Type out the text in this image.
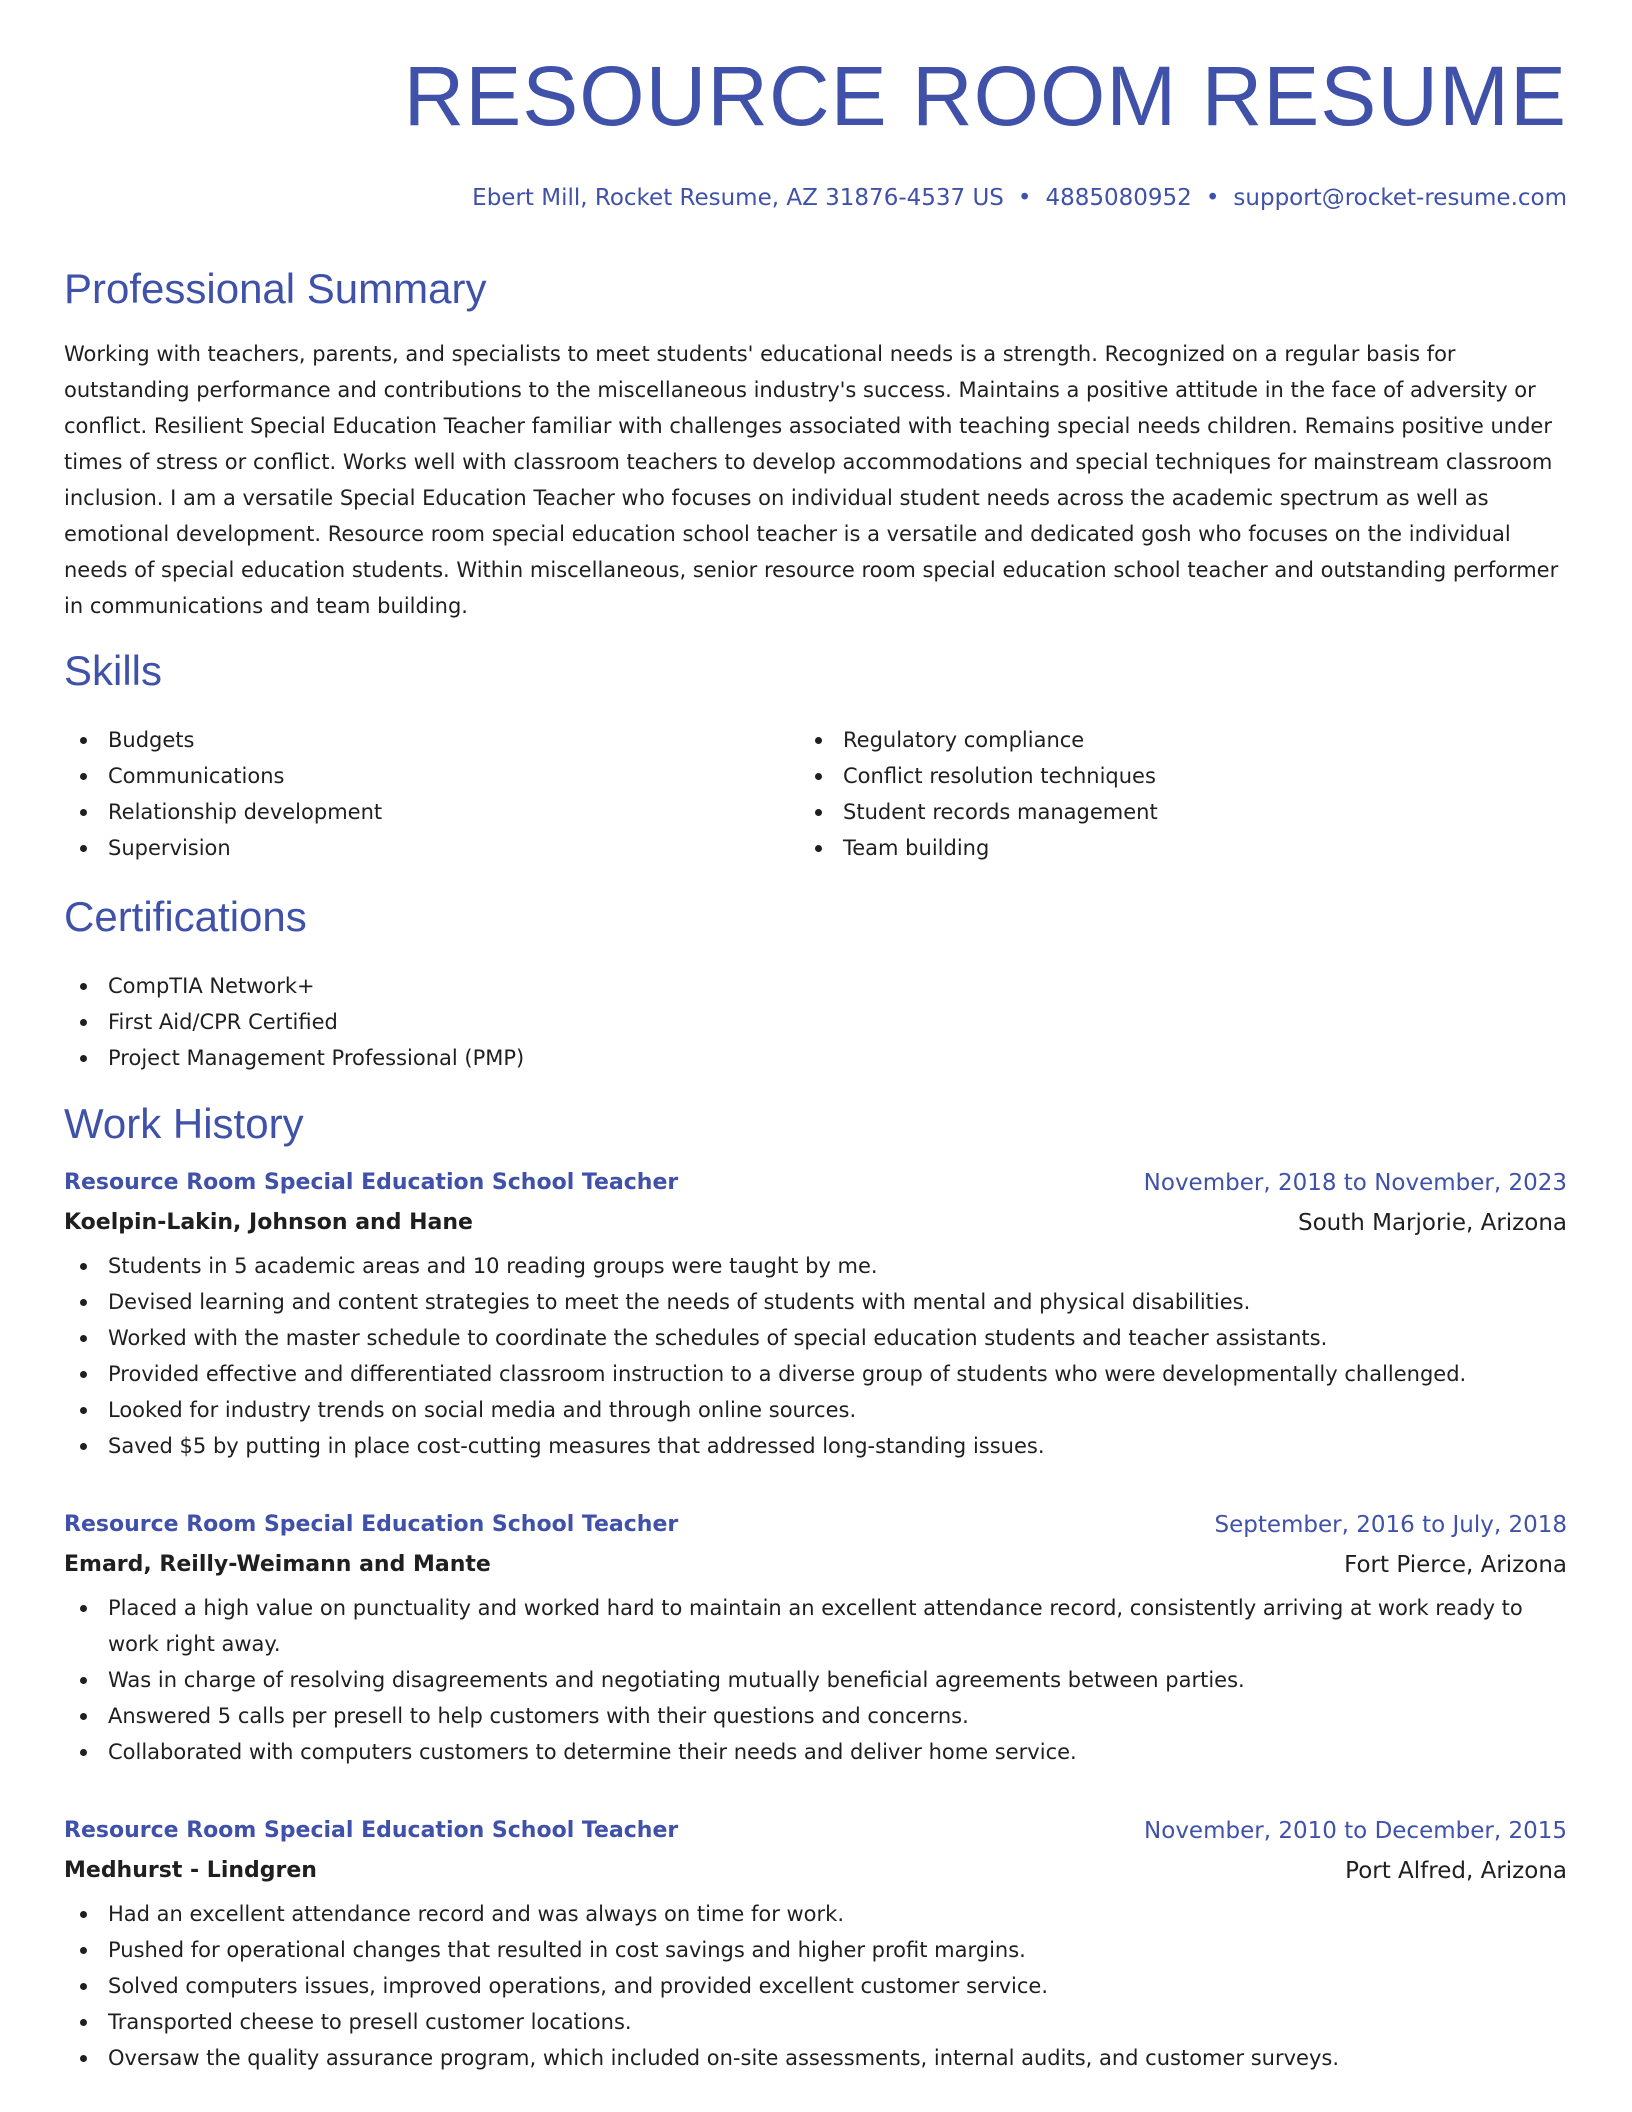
RESOURCE ROOM RESUME
Ebert Mill, Rocket Resume, AZ 31876-4537 US • 4885080952 • support@rocket-resume.com
Professional Summary

Working with teachers, parents, and specialists to meet students' educational needs is a strength. Recognized on a regular basis for outstanding performance and contributions to the miscellaneous industry's success. Maintains a positive attitude in the face of adversity or conflict. Resilient Special Education Teacher familiar with challenges associated with teaching special needs children. Remains positive under times of stress or conflict. Works well with classroom teachers to develop accommodations and special techniques for mainstream classroom inclusion. I am a versatile Special Education Teacher who focuses on individual student needs across the academic spectrum as well as emotional development. Resource room special education school teacher is a versatile and dedicated gosh who focuses on the individual needs of special education students. Within miscellaneous, senior resource room special education school teacher and outstanding performer in communications and team building.

Skills
Budgets
Communications
Relationship development
Supervision
Regulatory compliance
Conflict resolution techniques
Student records management
Team building
Certifications
CompTIA Network+
First Aid/CPR Certified
Project Management Professional (PMP)
Work History
Resource Room Special Education School Teacher	November, 2018 to November, 2023
Koelpin-Lakin, Johnson and Hane	South Marjorie, Arizona
Students in 5 academic areas and 10 reading groups were taught by me.
Devised learning and content strategies to meet the needs of students with mental and physical disabilities.
Worked with the master schedule to coordinate the schedules of special education students and teacher assistants.
Provided effective and differentiated classroom instruction to a diverse group of students who were developmentally challenged.
Looked for industry trends on social media and through online sources.
Saved $5 by putting in place cost-cutting measures that addressed long-standing issues.
Resource Room Special Education School Teacher	September, 2016 to July, 2018
Emard, Reilly-Weimann and Mante	Fort Pierce, Arizona
Placed a high value on punctuality and worked hard to maintain an excellent attendance record, consistently arriving at work ready to work right away.
Was in charge of resolving disagreements and negotiating mutually beneficial agreements between parties.
Answered 5 calls per presell to help customers with their questions and concerns.
Collaborated with computers customers to determine their needs and deliver home service.
Resource Room Special Education School Teacher	November, 2010 to December, 2015
Medhurst - Lindgren	Port Alfred, Arizona
Had an excellent attendance record and was always on time for work.
Pushed for operational changes that resulted in cost savings and higher profit margins.
Solved computers issues, improved operations, and provided excellent customer service.
Transported cheese to presell customer locations.
Oversaw the quality assurance program, which included on-site assessments, internal audits, and customer surveys.
